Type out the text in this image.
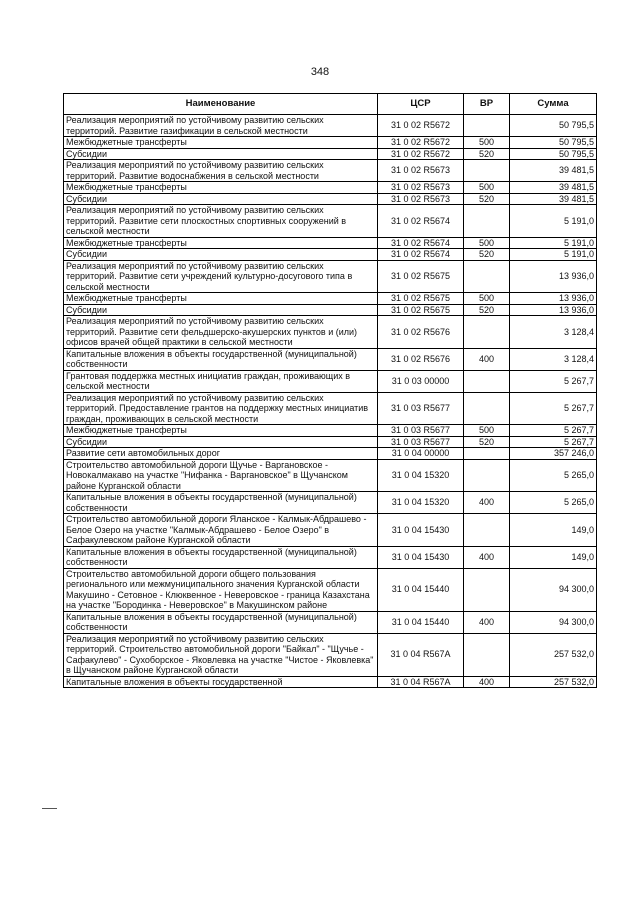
348
Наименование	ЦСР	ВР	Сумма
Реализация мероприятий по устойчивому развитию сельских территорий. Развитие газификации в сельской местности	31 0 02 R5672		50 795,5
Межбюджетные трансферты	31 0 02 R5672	500	50 795,5
Субсидии	31 0 02 R5672	520	50 795,5
Реализация мероприятий по устойчивому развитию сельских территорий. Развитие водоснабжения в сельской местности	31 0 02 R5673		39 481,5
Межбюджетные трансферты	31 0 02 R5673	500	39 481,5
Субсидии	31 0 02 R5673	520	39 481,5
Реализация мероприятий по устойчивому развитию сельских территорий. Развитие сети плоскостных спортивных сооружений в сельской местности	31 0 02 R5674		5 191,0
Межбюджетные трансферты	31 0 02 R5674	500	5 191,0
Субсидии	31 0 02 R5674	520	5 191,0
Реализация мероприятий по устойчивому развитию сельских территорий. Развитие сети учреждений культурно-досугового типа в сельской местности	31 0 02 R5675		13 936,0
Межбюджетные трансферты	31 0 02 R5675	500	13 936,0
Субсидии	31 0 02 R5675	520	13 936,0
Реализация мероприятий по устойчивому развитию сельских территорий. Развитие сети фельдшерско-акушерских пунктов и (или) офисов врачей общей практики в сельской местности	31 0 02 R5676		3 128,4
Капитальные вложения в объекты государственной (муниципальной) собственности	31 0 02 R5676	400	3 128,4
Грантовая поддержка местных инициатив граждан, проживающих в сельской местности	31 0 03 00000		5 267,7
Реализация мероприятий по устойчивому развитию сельских территорий. Предоставление грантов на поддержку местных инициатив граждан, проживающих в сельской местности	31 0 03 R5677		5 267,7
Межбюджетные трансферты	31 0 03 R5677	500	5 267,7
Субсидии	31 0 03 R5677	520	5 267,7
Развитие сети автомобильных дорог	31 0 04 00000		357 246,0
Строительство автомобильной дороги Щучье - Варгановское - Новокалмакаво на участке "Нифанка - Варгановское" в Щучанском районе Курганской области	31 0 04 15320		5 265,0
Капитальные вложения в объекты государственной (муниципальной) собственности	31 0 04 15320	400	5 265,0
Строительство автомобильной дороги Яланское - Калмык-Абдрашево - Белое Озеро на участке "Калмык-Абдрашево - Белое Озеро" в Сафакулевском районе Курганской области	31 0 04 15430		149,0
Капитальные вложения в объекты государственной (муниципальной) собственности	31 0 04 15430	400	149,0
Строительство автомобильной дороги общего пользования регионального или межмуниципального значения Курганской области Макушино - Сетовное - Клюквенное - Неверовское - граница Казахстана на участке "Бородинка - Неверовское" в Макушинском районе	31 0 04 15440		94 300,0
Капитальные вложения в объекты государственной (муниципальной) собственности	31 0 04 15440	400	94 300,0
Реализация мероприятий по устойчивому развитию сельских территорий. Строительство автомобильной дороги "Байкал" - "Щучье - Сафакулево" - Сухоборское - Яковлевка на участке "Чистое - Яковлевка" в Щучанском районе Курганской области	31 0 04 R567A		257 532,0
Капитальные вложения в объекты государственной	31 0 04 R567A	400	257 532,0
